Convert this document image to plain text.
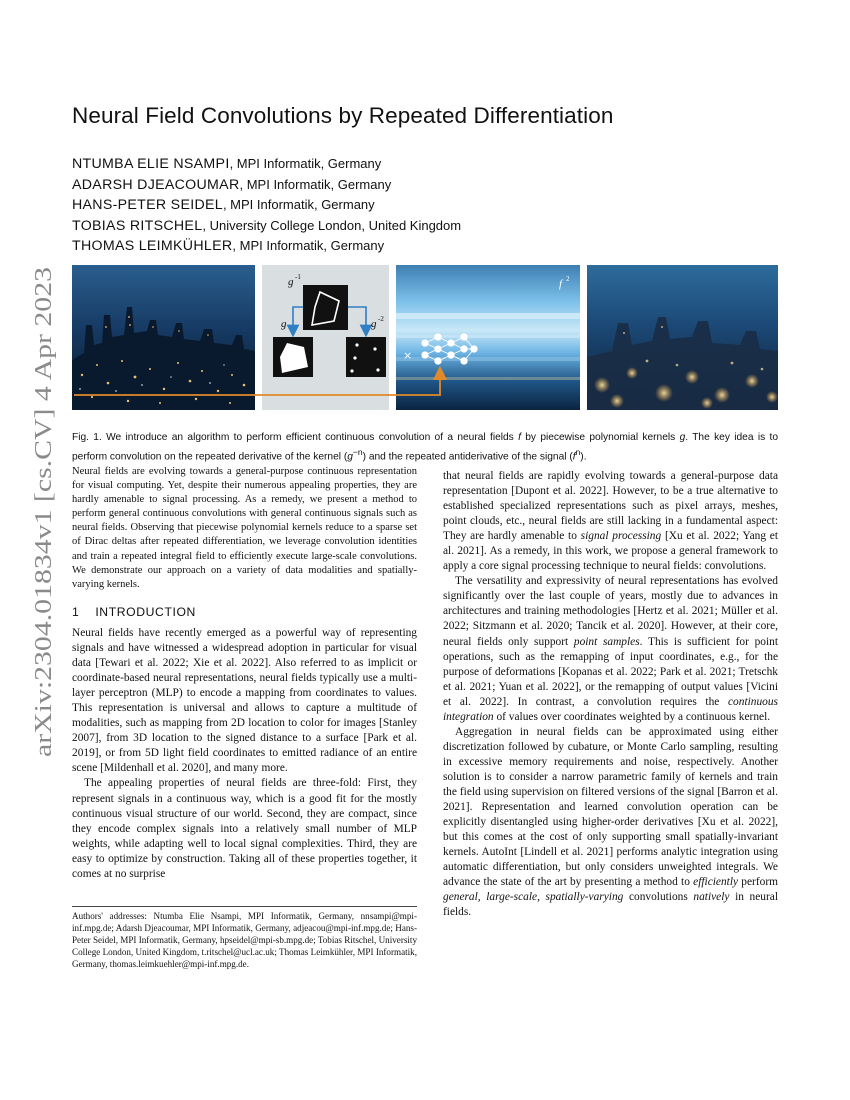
arXiv:2304.01834v1 [cs.CV] 4 Apr 2023
Neural Field Convolutions by Repeated Differentiation
NTUMBA ELIE NSAMPI, MPI Informatik, Germany
ADARSH DJEACOUMAR, MPI Informatik, Germany
HANS-PETER SEIDEL, MPI Informatik, Germany
TOBIAS RITSCHEL, University College London, United Kingdom
THOMAS LEIMKÜHLER, MPI Informatik, Germany
g -1
g	g -2
f 2
×
Fig. 1. We introduce an algorithm to perform efficient continuous convolution of a neural fields f by piecewise polynomial kernels g. The key idea is to perform convolution on the repeated derivative of the kernel $(g^{-n})$ and the repeated antiderivative of the signal $(f^n)$.
Neural fields are evolving towards a general-purpose continuous representation for visual computing. Yet, despite their numerous appealing properties, they are hardly amenable to signal processing. As a remedy, we present a method to perform general continuous convolutions with general continuous signals such as neural fields. Observing that piecewise polynomial kernels reduce to a sparse set of Dirac deltas after repeated differentiation, we leverage convolution identities and train a repeated integral field to efficiently execute large-scale convolutions. We demonstrate our approach on a variety of data modalities and spatially-varying kernels.
1    INTRODUCTION

Neural fields have recently emerged as a powerful way of representing signals and have witnessed a widespread adoption in particular for visual data [Tewari et al. 2022; Xie et al. 2022]. Also referred to as implicit or coordinate-based neural representations, neural fields typically use a multi-layer perceptron (MLP) to encode a mapping from coordinates to values. This representation is universal and allows to capture a multitude of modalities, such as mapping from 2D location to color for images [Stanley 2007], from 3D location to the signed distance to a surface [Park et al. 2019], or from 5D light field coordinates to emitted radiance of an entire scene [Mildenhall et al. 2020], and many more.

The appealing properties of neural fields are three-fold: First, they represent signals in a continuous way, which is a good fit for the mostly continuous visual structure of our world. Second, they are compact, since they encode complex signals into a relatively small number of MLP weights, while adapting well to local signal complexities. Third, they are easy to optimize by construction. Taking all of these properties together, it comes at no surprise

Authors' addresses: Ntumba Elie Nsampi, MPI Informatik, Germany, nnsampi@mpi-inf.mpg.de; Adarsh Djeacoumar, MPI Informatik, Germany, adjeacou@mpi-inf.mpg.de; Hans-Peter Seidel, MPI Informatik, Germany, hpseidel@mpi-sb.mpg.de; Tobias Ritschel, University College London, United Kingdom, t.ritschel@ucl.ac.uk; Thomas Leimkühler, MPI Informatik, Germany, thomas.leimkuehler@mpi-inf.mpg.de.

that neural fields are rapidly evolving towards a general-purpose data representation [Dupont et al. 2022]. However, to be a true alternative to established specialized representations such as pixel arrays, meshes, point clouds, etc., neural fields are still lacking in a fundamental aspect: They are hardly amenable to signal processing [Xu et al. 2022; Yang et al. 2021]. As a remedy, in this work, we propose a general framework to apply a core signal processing technique to neural fields: convolutions.

The versatility and expressivity of neural representations has evolved significantly over the last couple of years, mostly due to advances in architectures and training methodologies [Hertz et al. 2021; Müller et al. 2022; Sitzmann et al. 2020; Tancik et al. 2020]. However, at their core, neural fields only support point samples. This is sufficient for point operations, such as the remapping of input coordinates, e.g., for the purpose of deformations [Kopanas et al. 2022; Park et al. 2021; Tretschk et al. 2021; Yuan et al. 2022], or the remapping of output values [Vicini et al. 2022]. In contrast, a convolution requires the continuous integration of values over coordinates weighted by a continuous kernel.

Aggregation in neural fields can be approximated using either discretization followed by cubature, or Monte Carlo sampling, resulting in excessive memory requirements and noise, respectively. Another solution is to consider a narrow parametric family of kernels and train the field using supervision on filtered versions of the signal [Barron et al. 2021]. Representation and learned convolution operation can be explicitly disentangled using higher-order derivatives [Xu et al. 2022], but this comes at the cost of only supporting small spatially-invariant kernels. AutoInt [Lindell et al. 2021] performs analytic integration using automatic differentiation, but only considers unweighted integrals. We advance the state of the art by presenting a method to efficiently perform general, large-scale, spatially-varying convolutions natively in neural fields.
